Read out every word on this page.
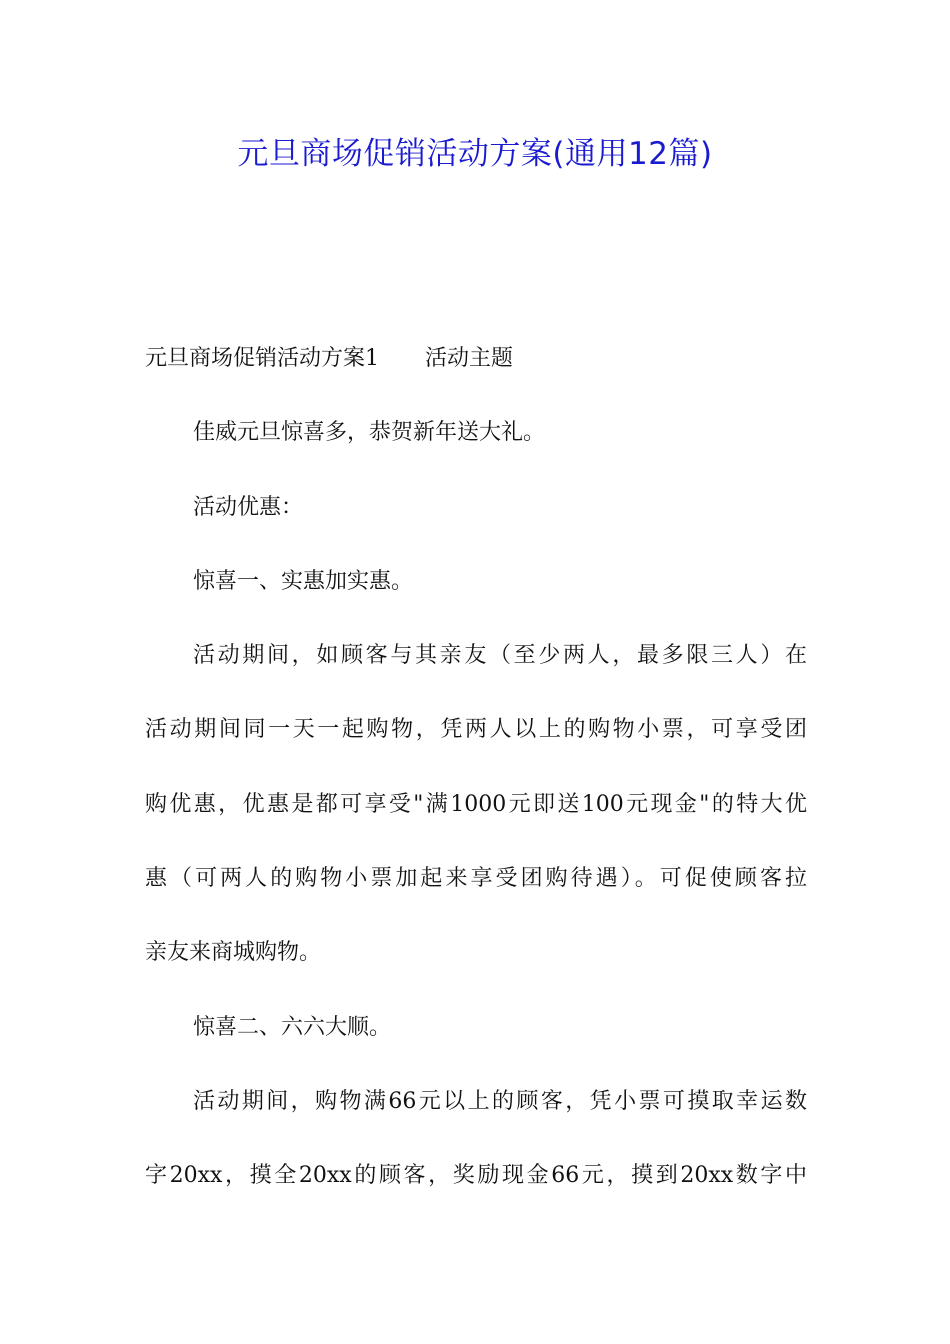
元旦商场促销活动方案(通用12篇)
元旦商场促销活动方案1 活动主题
佳威元旦惊喜多，恭贺新年送大礼。
活动优惠：
惊喜一、实惠加实惠。
活动期间，如顾客与其亲友（至少两人，最多限三人）在
活动期间同一天一起购物，凭两人以上的购物小票，可享受团
购优惠，优惠是都可享受"满1000元即送100元现金"的特大优
惠（可两人的购物小票加起来享受团购待遇）。可促使顾客拉
亲友来商城购物。
惊喜二、六六大顺。
活动期间，购物满66元以上的顾客，凭小票可摸取幸运数
字20xx，摸全20xx的顾客，奖励现金66元，摸到20xx数字中
